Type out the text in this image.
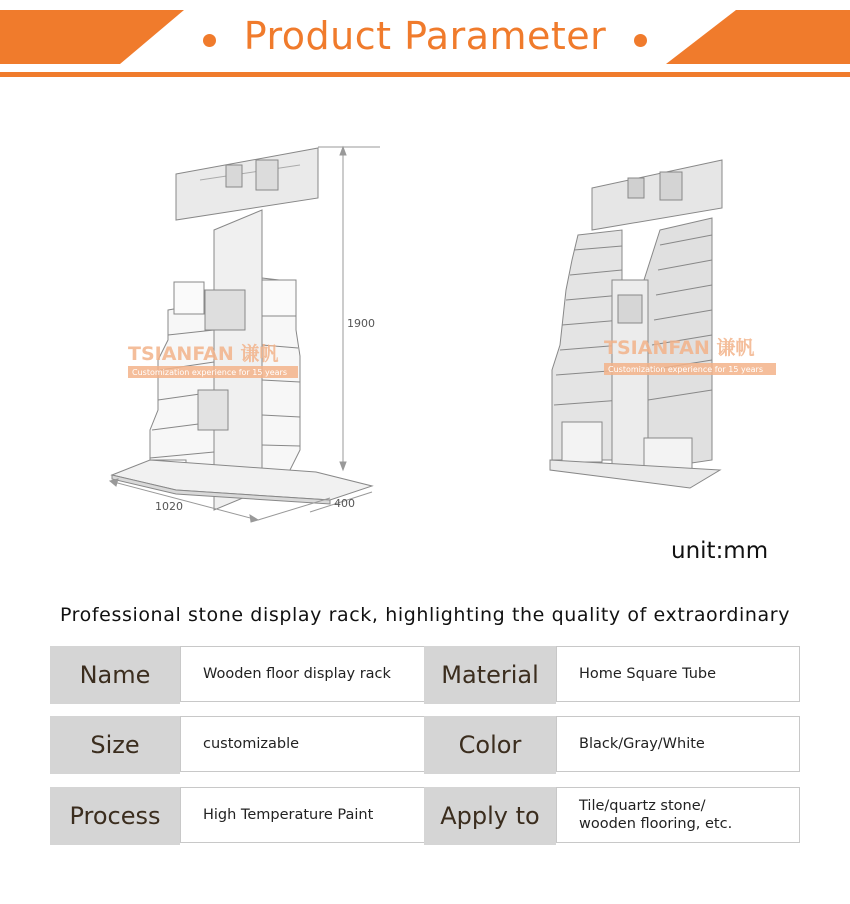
Product Parameter
1900
1020	400
TSIANFAN 谦帆
Customization experience for 15 years
TSIANFAN 谦帆
Customization experience for 15 years
unit:mm
Professional stone display rack, highlighting the quality of extraordinary
Name	Wooden floor display rack	Material	Home Square Tube
Size	customizable	Color	Black/Gray/White
Process	High Temperature Paint	Apply to	Tile/quartz stone/
wooden flooring, etc.
